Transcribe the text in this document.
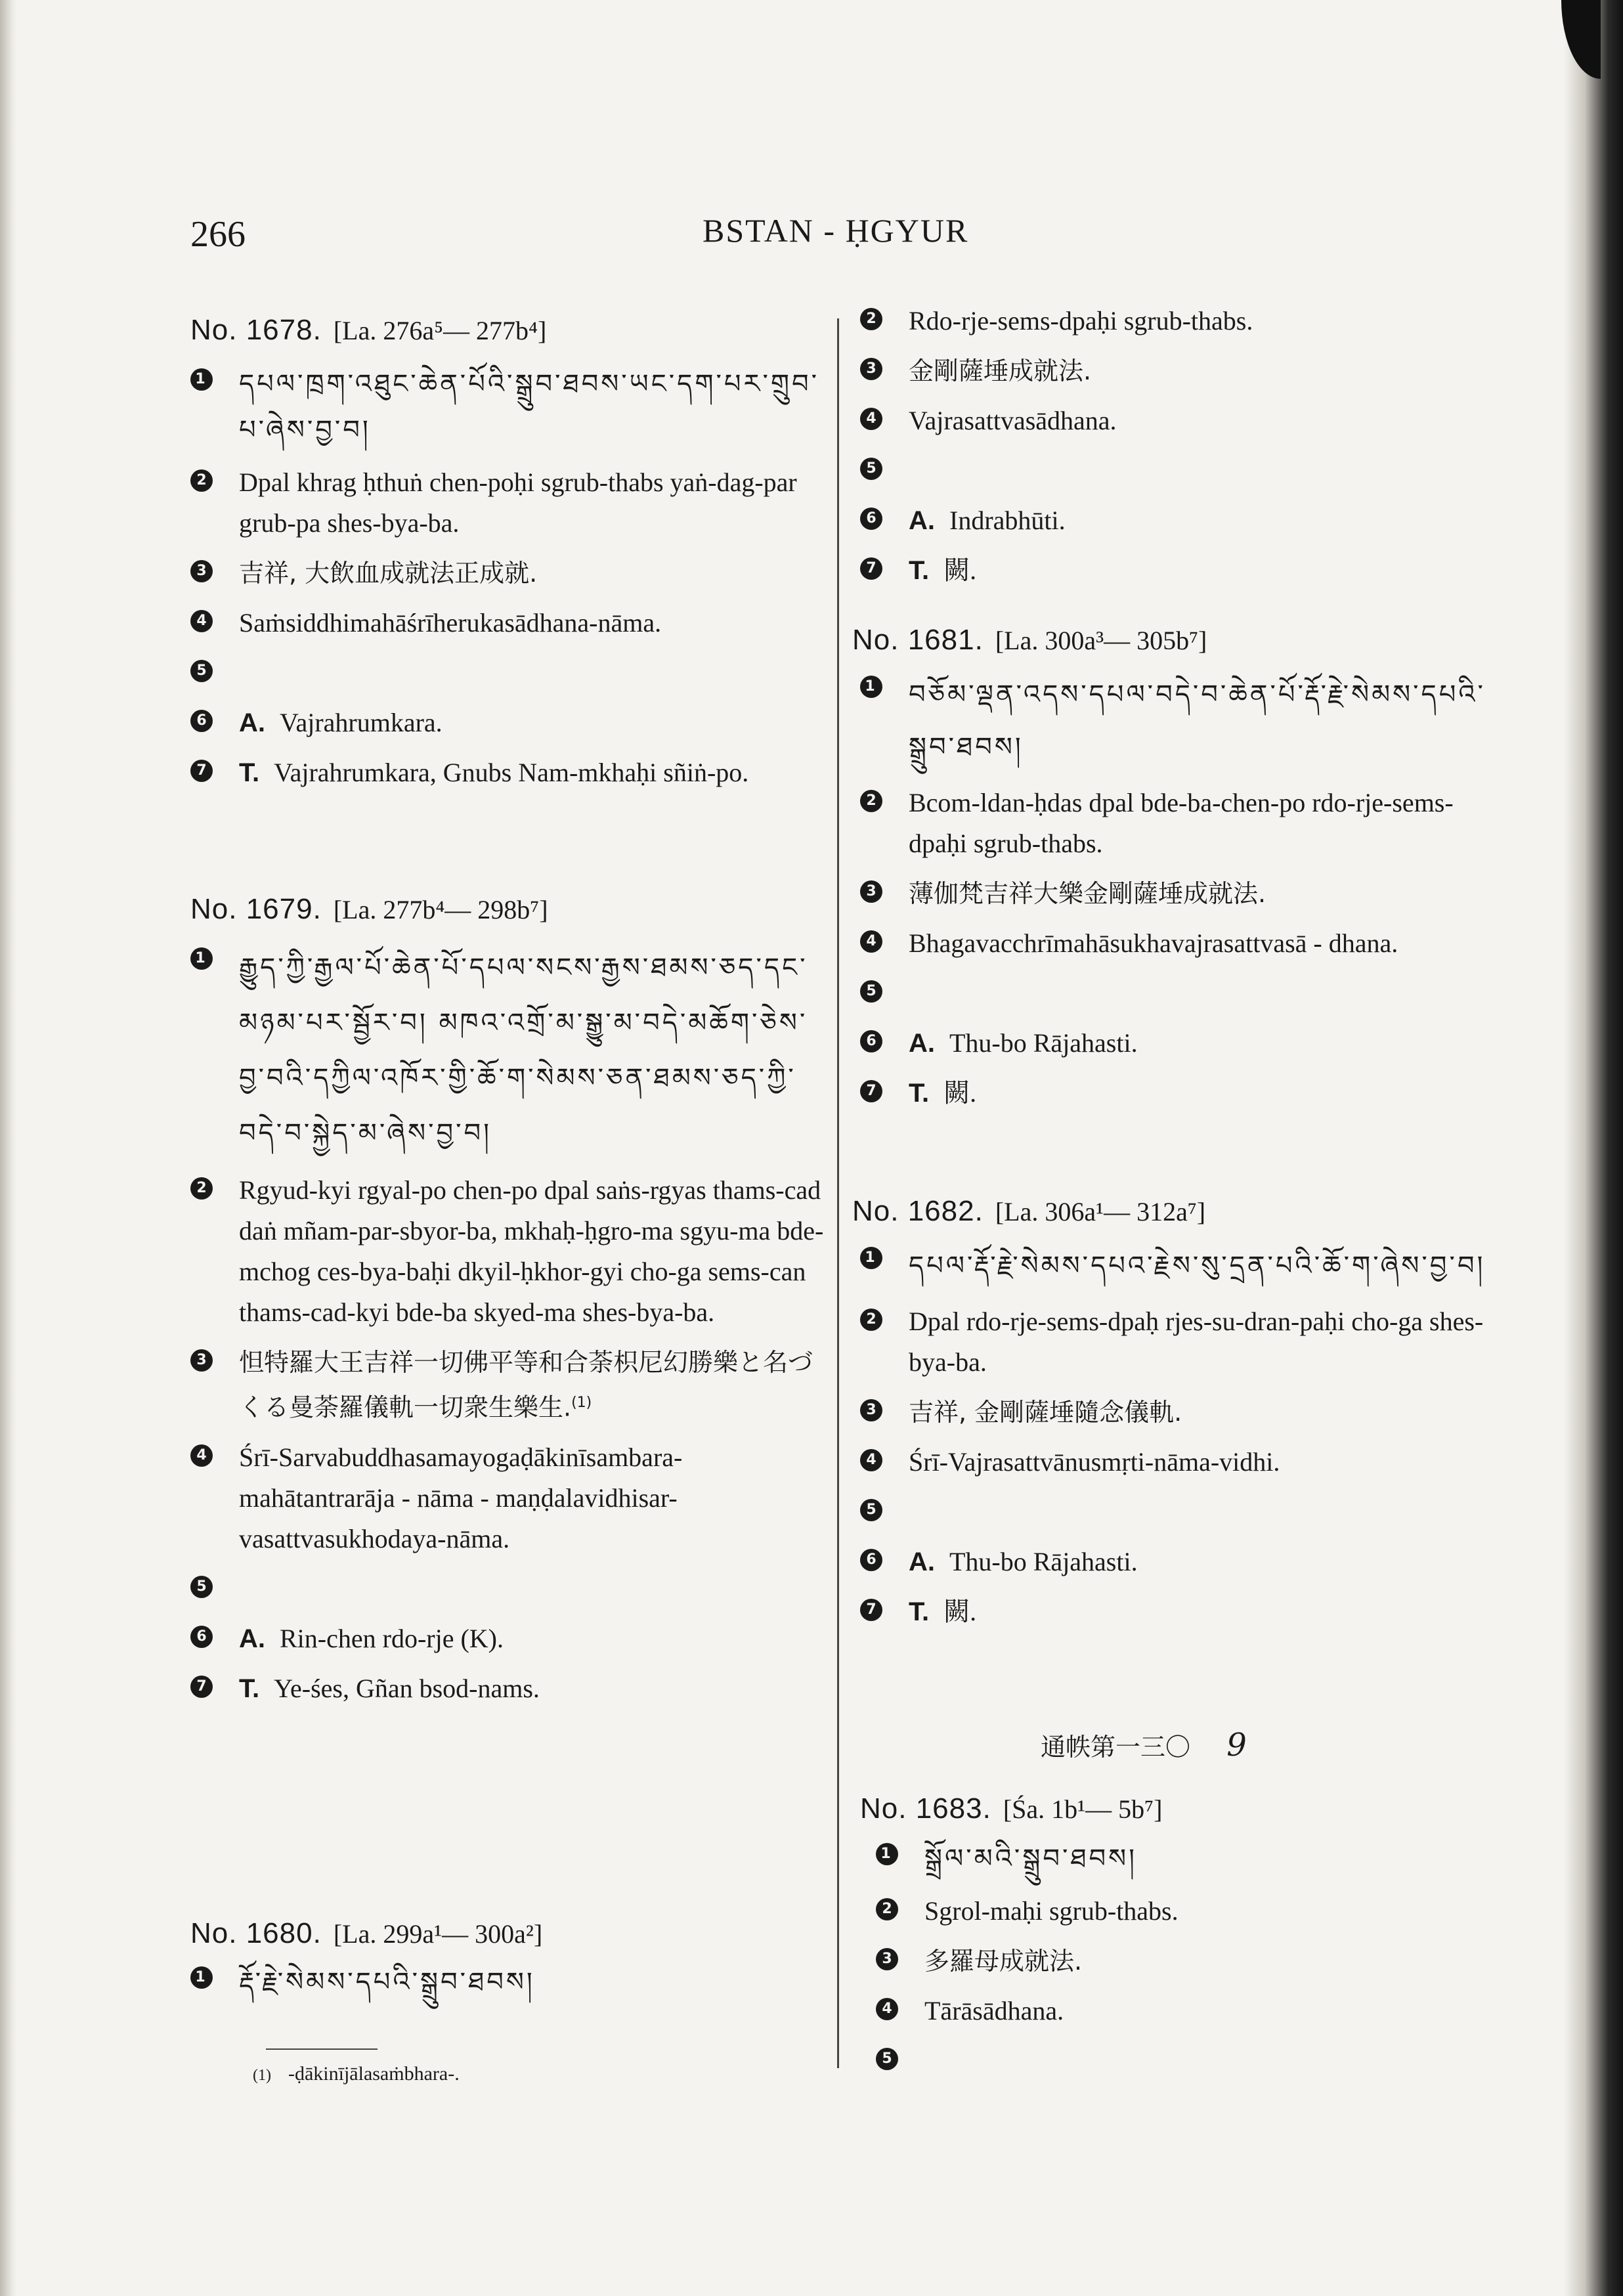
266	BSTAN - ḤGYUR
No. 1678. [La. 276a⁵— 277b⁴]
1 དཔལ་ཁྲག་འཐུང་ཆེན་པོའི་སྒྲུབ་ཐབས་ཡང་དག་པར་གྲུབ་པ་ཞེས་བྱ་བ།
2 Dpal khrag ḥthuṅ chen-poḥi sgrub-thabs yaṅ-dag-par grub-pa shes-bya-ba.
3 吉祥, 大飲血成就法正成就.
4 Saṁsiddhimahāśrīherukasādhana-nāma.
5

6 A. Vajrahrumkara.
7 T. Vajrahrumkara, Gnubs Nam-mkhaḥi sñiṅ-po.
No. 1679. [La. 277b⁴— 298b⁷]
1 རྒྱུད་ཀྱི་རྒྱལ་པོ་ཆེན་པོ་དཔལ་སངས་རྒྱས་ཐམས་ཅད་དང་མཉམ་པར་སྦྱོར་བ། མཁའ་འགྲོ་མ་སྒྱུ་མ་བདེ་མཆོག་ཅེས་བྱ་བའི་དཀྱིལ་འཁོར་གྱི་ཆོ་ག་སེམས་ཅན་ཐམས་ཅད་ཀྱི་བདེ་བ་སྐྱེད་མ་ཞེས་བྱ་བ།
2 Rgyud-kyi rgyal-po chen-po dpal saṅs-rgyas thams-cad daṅ mñam-par-sbyor-ba, mkhaḥ-ḥgro-ma sgyu-ma bde-mchog ces-bya-baḥi dkyil-ḥkhor-gyi cho-ga sems-can thams-cad-kyi bde-ba skyed-ma shes-bya-ba.
3 怛特羅大王吉祥一切佛平等和合荼枳尼幻勝樂と名づくる曼荼羅儀軌一切衆生樂生.$^{(1)}$
4 Śrī-Sarvabuddhasamayogaḍākinīsambara-mahātantrarāja - nāma - maṇḍalavidhisar-vasattvasukhodaya-nāma.
5

6 A. Rin-chen rdo-rje (K).
7 T. Ye-śes, Gñan bsod-nams.
No. 1680. [La. 299a¹— 300a²]
1 རྡོ་རྗེ་སེམས་དཔའི་སྒྲུབ་ཐབས།
(1) -ḍākinījālasaṁbhara-.
2 Rdo-rje-sems-dpaḥi sgrub-thabs.
3 金剛薩埵成就法.
4 Vajrasattvasādhana.
5

6 A. Indrabhūti.
7 T. 闕.
No. 1681. [La. 300a³— 305b⁷]
1 བཅོམ་ལྡན་འདས་དཔལ་བདེ་བ་ཆེན་པོ་རྡོ་རྗེ་སེམས་དཔའི་སྒྲུབ་ཐབས།
2 Bcom-ldan-ḥdas dpal bde-ba-chen-po rdo-rje-sems-dpaḥi sgrub-thabs.
3 薄伽梵吉祥大樂金剛薩埵成就法.
4 Bhagavacchrīmahāsukhavajrasattvasā - dhana.
5

6 A. Thu-bo Rājahasti.
7 T. 闕.
No. 1682. [La. 306a¹— 312a⁷]
1 དཔལ་རྡོ་རྗེ་སེམས་དཔའ་རྗེས་སུ་དྲན་པའི་ཆོ་ག་ཞེས་བྱ་བ།
2 Dpal rdo-rje-sems-dpaḥ rjes-su-dran-paḥi cho-ga shes-bya-ba.
3 吉祥, 金剛薩埵隨念儀軌.
4 Śrī-Vajrasattvānusmṛti-nāma-vidhi.
5

6 A. Thu-bo Rājahasti.
7 T. 闕.
No. 1683. [Śa. 1b¹— 5b⁷]
1 སྒྲོལ་མའི་སྒྲུབ་ཐབས།
2 Sgrol-maḥi sgrub-thabs.
3 多羅母成就法.
4 Tārāsādhana.
5

通帙第一三〇 9
